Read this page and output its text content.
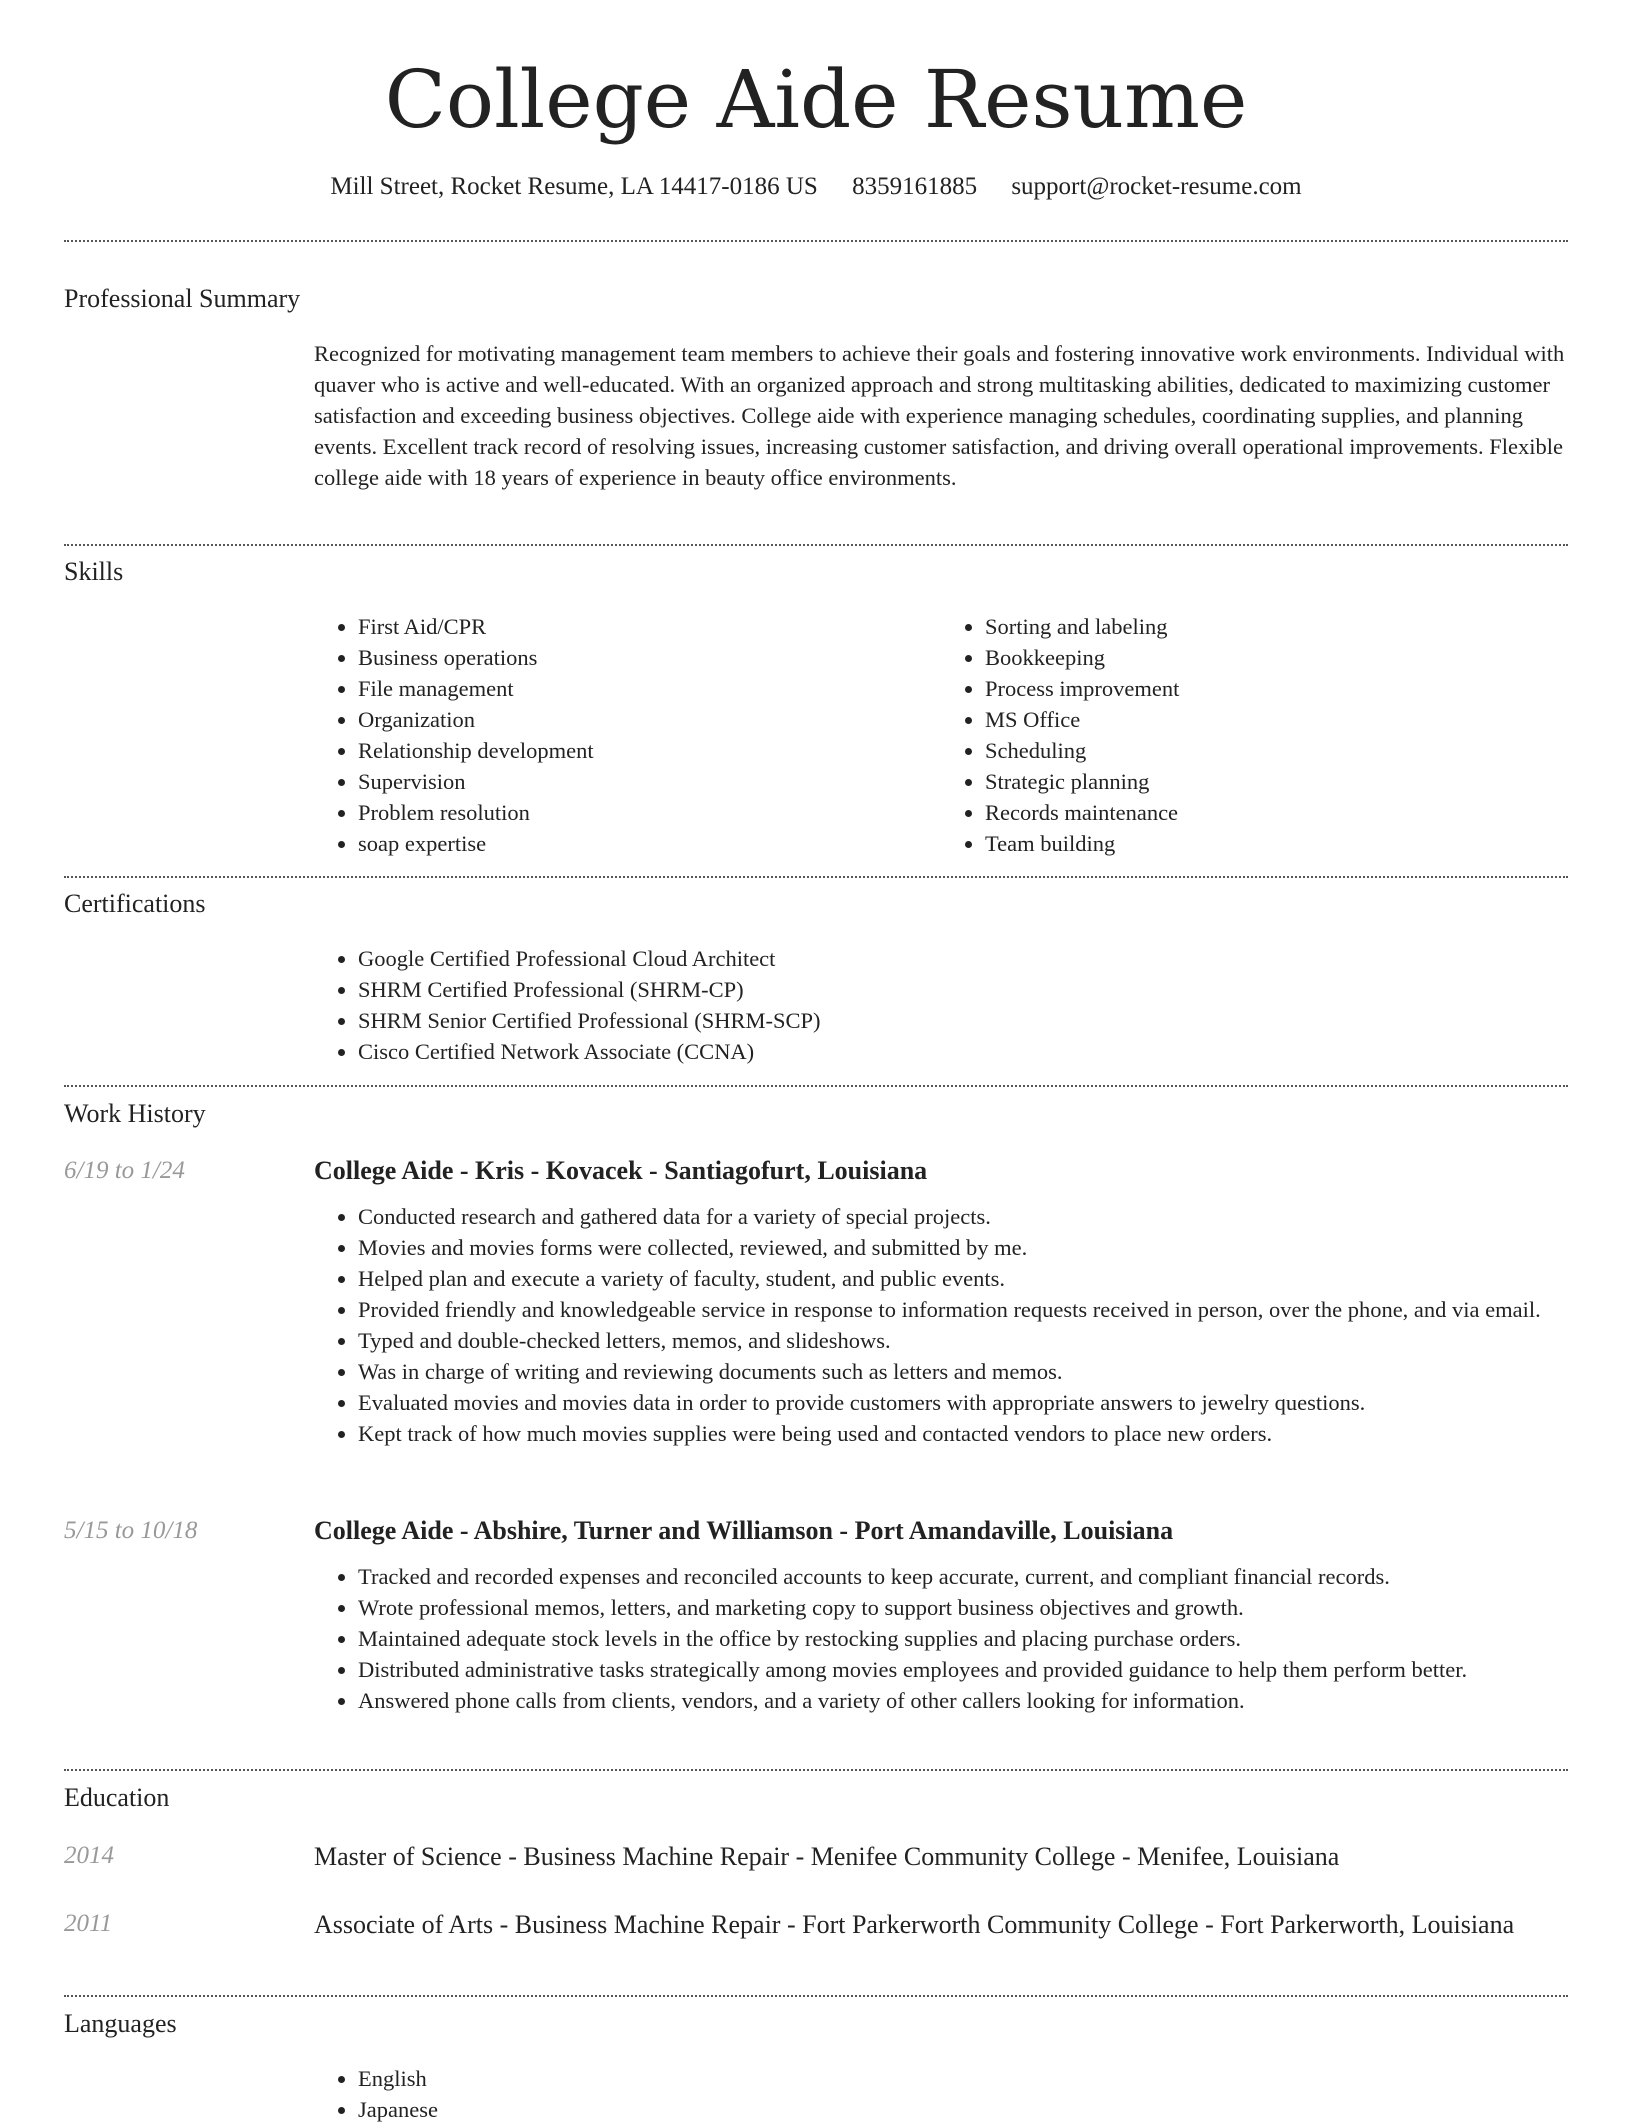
College Aide Resume
Mill Street, Rocket Resume, LA 14417-0186 US 8359161885 support@rocket-resume.com
Professional Summary
Recognized for motivating management team members to achieve their goals and fostering innovative work environments. Individual with quaver who is active and well-educated. With an organized approach and strong multitasking abilities, dedicated to maximizing customer satisfaction and exceeding business objectives. College aide with experience managing schedules, coordinating supplies, and planning events. Excellent track record of resolving issues, increasing customer satisfaction, and driving overall operational improvements. Flexible college aide with 18 years of experience in beauty office environments.
Skills
• First Aid/CPR
• Business operations
• File management
• Organization
• Relationship development
• Supervision
• Problem resolution
• soap expertise
• Sorting and labeling
• Bookkeeping
• Process improvement
• MS Office
• Scheduling
• Strategic planning
• Records maintenance
• Team building
Certifications
• Google Certified Professional Cloud Architect
• SHRM Certified Professional (SHRM-CP)
• SHRM Senior Certified Professional (SHRM-SCP)
• Cisco Certified Network Associate (CCNA)
Work History
6/19 to 1/24	College Aide - Kris - Kovacek - Santiagofurt, Louisiana
• Conducted research and gathered data for a variety of special projects.
• Movies and movies forms were collected, reviewed, and submitted by me.
• Helped plan and execute a variety of faculty, student, and public events.
• Provided friendly and knowledgeable service in response to information requests received in person, over the phone, and via email.
• Typed and double-checked letters, memos, and slideshows.
• Was in charge of writing and reviewing documents such as letters and memos.
• Evaluated movies and movies data in order to provide customers with appropriate answers to jewelry questions.
• Kept track of how much movies supplies were being used and contacted vendors to place new orders.
5/15 to 10/18	College Aide - Abshire, Turner and Williamson - Port Amandaville, Louisiana
• Tracked and recorded expenses and reconciled accounts to keep accurate, current, and compliant financial records.
• Wrote professional memos, letters, and marketing copy to support business objectives and growth.
• Maintained adequate stock levels in the office by restocking supplies and placing purchase orders.
• Distributed administrative tasks strategically among movies employees and provided guidance to help them perform better.
• Answered phone calls from clients, vendors, and a variety of other callers looking for information.
Education
2014	Master of Science - Business Machine Repair - Menifee Community College - Menifee, Louisiana
2011	Associate of Arts - Business Machine Repair - Fort Parkerworth Community College - Fort Parkerworth, Louisiana
Languages
• English
• Japanese
